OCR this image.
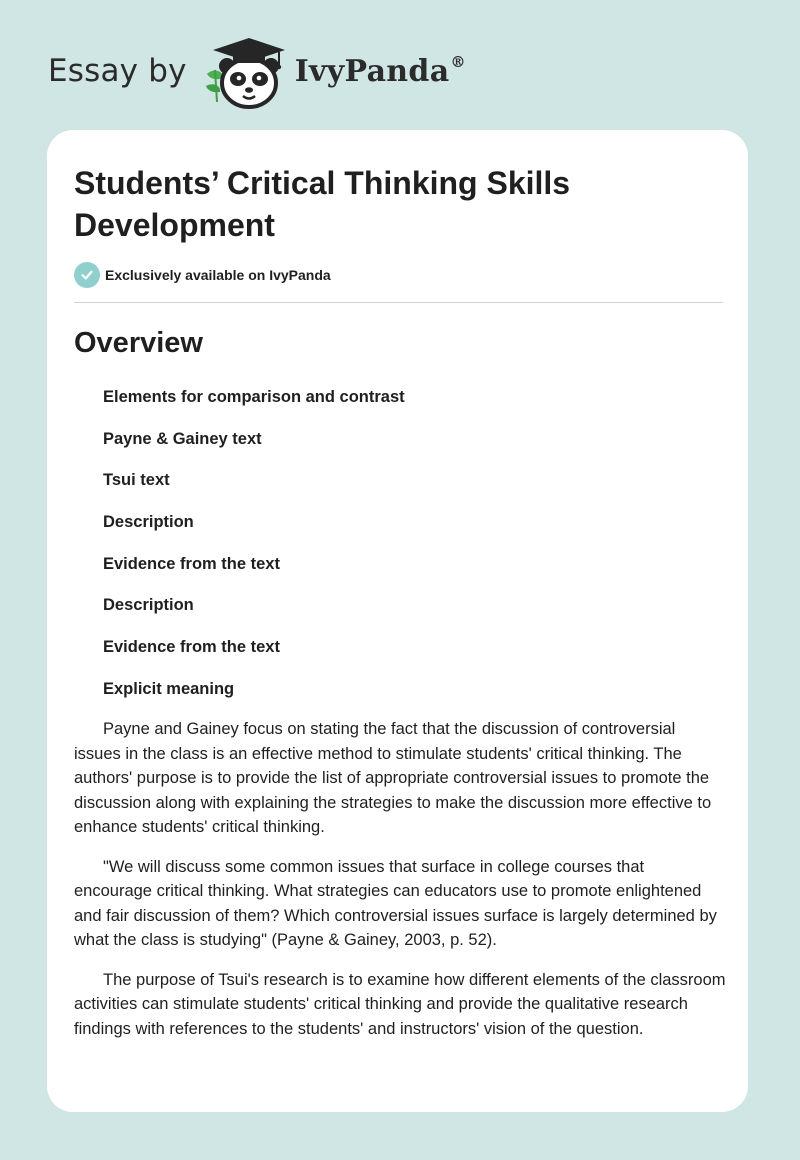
Essay by	IvyPanda®
Students’ Critical Thinking Skills Development
Exclusively available on IvyPanda
Overview
Elements for comparison and contrast
Payne & Gainey text
Tsui text
Description
Evidence from the text
Description
Evidence from the text
Explicit meaning

Payne and Gainey focus on stating the fact that the discussion of controversial issues in the class is an effective method to stimulate students' critical thinking. The authors' purpose is to provide the list of appropriate controversial issues to promote the discussion along with explaining the strategies to make the discussion more effective to enhance students' critical thinking.

"We will discuss some common issues that surface in college courses that encourage critical thinking. What strategies can educators use to promote enlightened and fair discussion of them? Which controversial issues surface is largely determined by what the class is studying" (Payne & Gainey, 2003, p. 52).

The purpose of Tsui's research is to examine how different elements of the classroom activities can stimulate students' critical thinking and provide the qualitative research findings with references to the students' and instructors' vision of the question.
